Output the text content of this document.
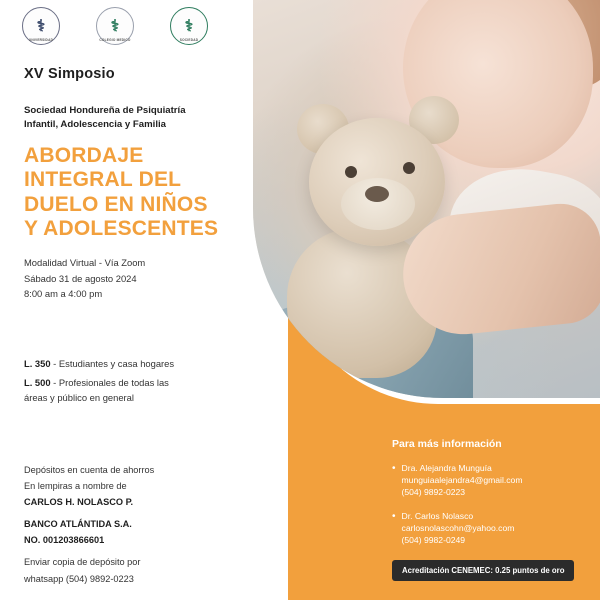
⚕
UNIVERSIDAD
⚕
COLEGIO MEDICO
⚕
SOCIEDAD
XV Simposio
Sociedad Hondureña de Psiquiatría
Infantil, Adolescencia y Familia
ABORDAJE
INTEGRAL DEL
DUELO EN NIÑOS
Y ADOLESCENTES
Modalidad Virtual - Vía Zoom
Sábado 31 de agosto 2024
8:00 am a 4:00 pm
L. 350 - Estudiantes y casa hogares
L. 500 - Profesionales de todas las
áreas y público en general
Depósitos en cuenta de ahorros
En lempiras a nombre de
CARLOS H. NOLASCO P.
BANCO ATLÁNTIDA S.A.
NO. 001203866601
Enviar copia de depósito por
whatsapp (504) 9892-0223
Para más información
• Dra. Alejandra Munguía
munguiaalejandra4@gmail.com
(504) 9892-0223
• Dr. Carlos Nolasco
carlosnolascohn@yahoo.com
(504) 9982-0249
Acreditación CENEMEC: 0.25 puntos de oro
